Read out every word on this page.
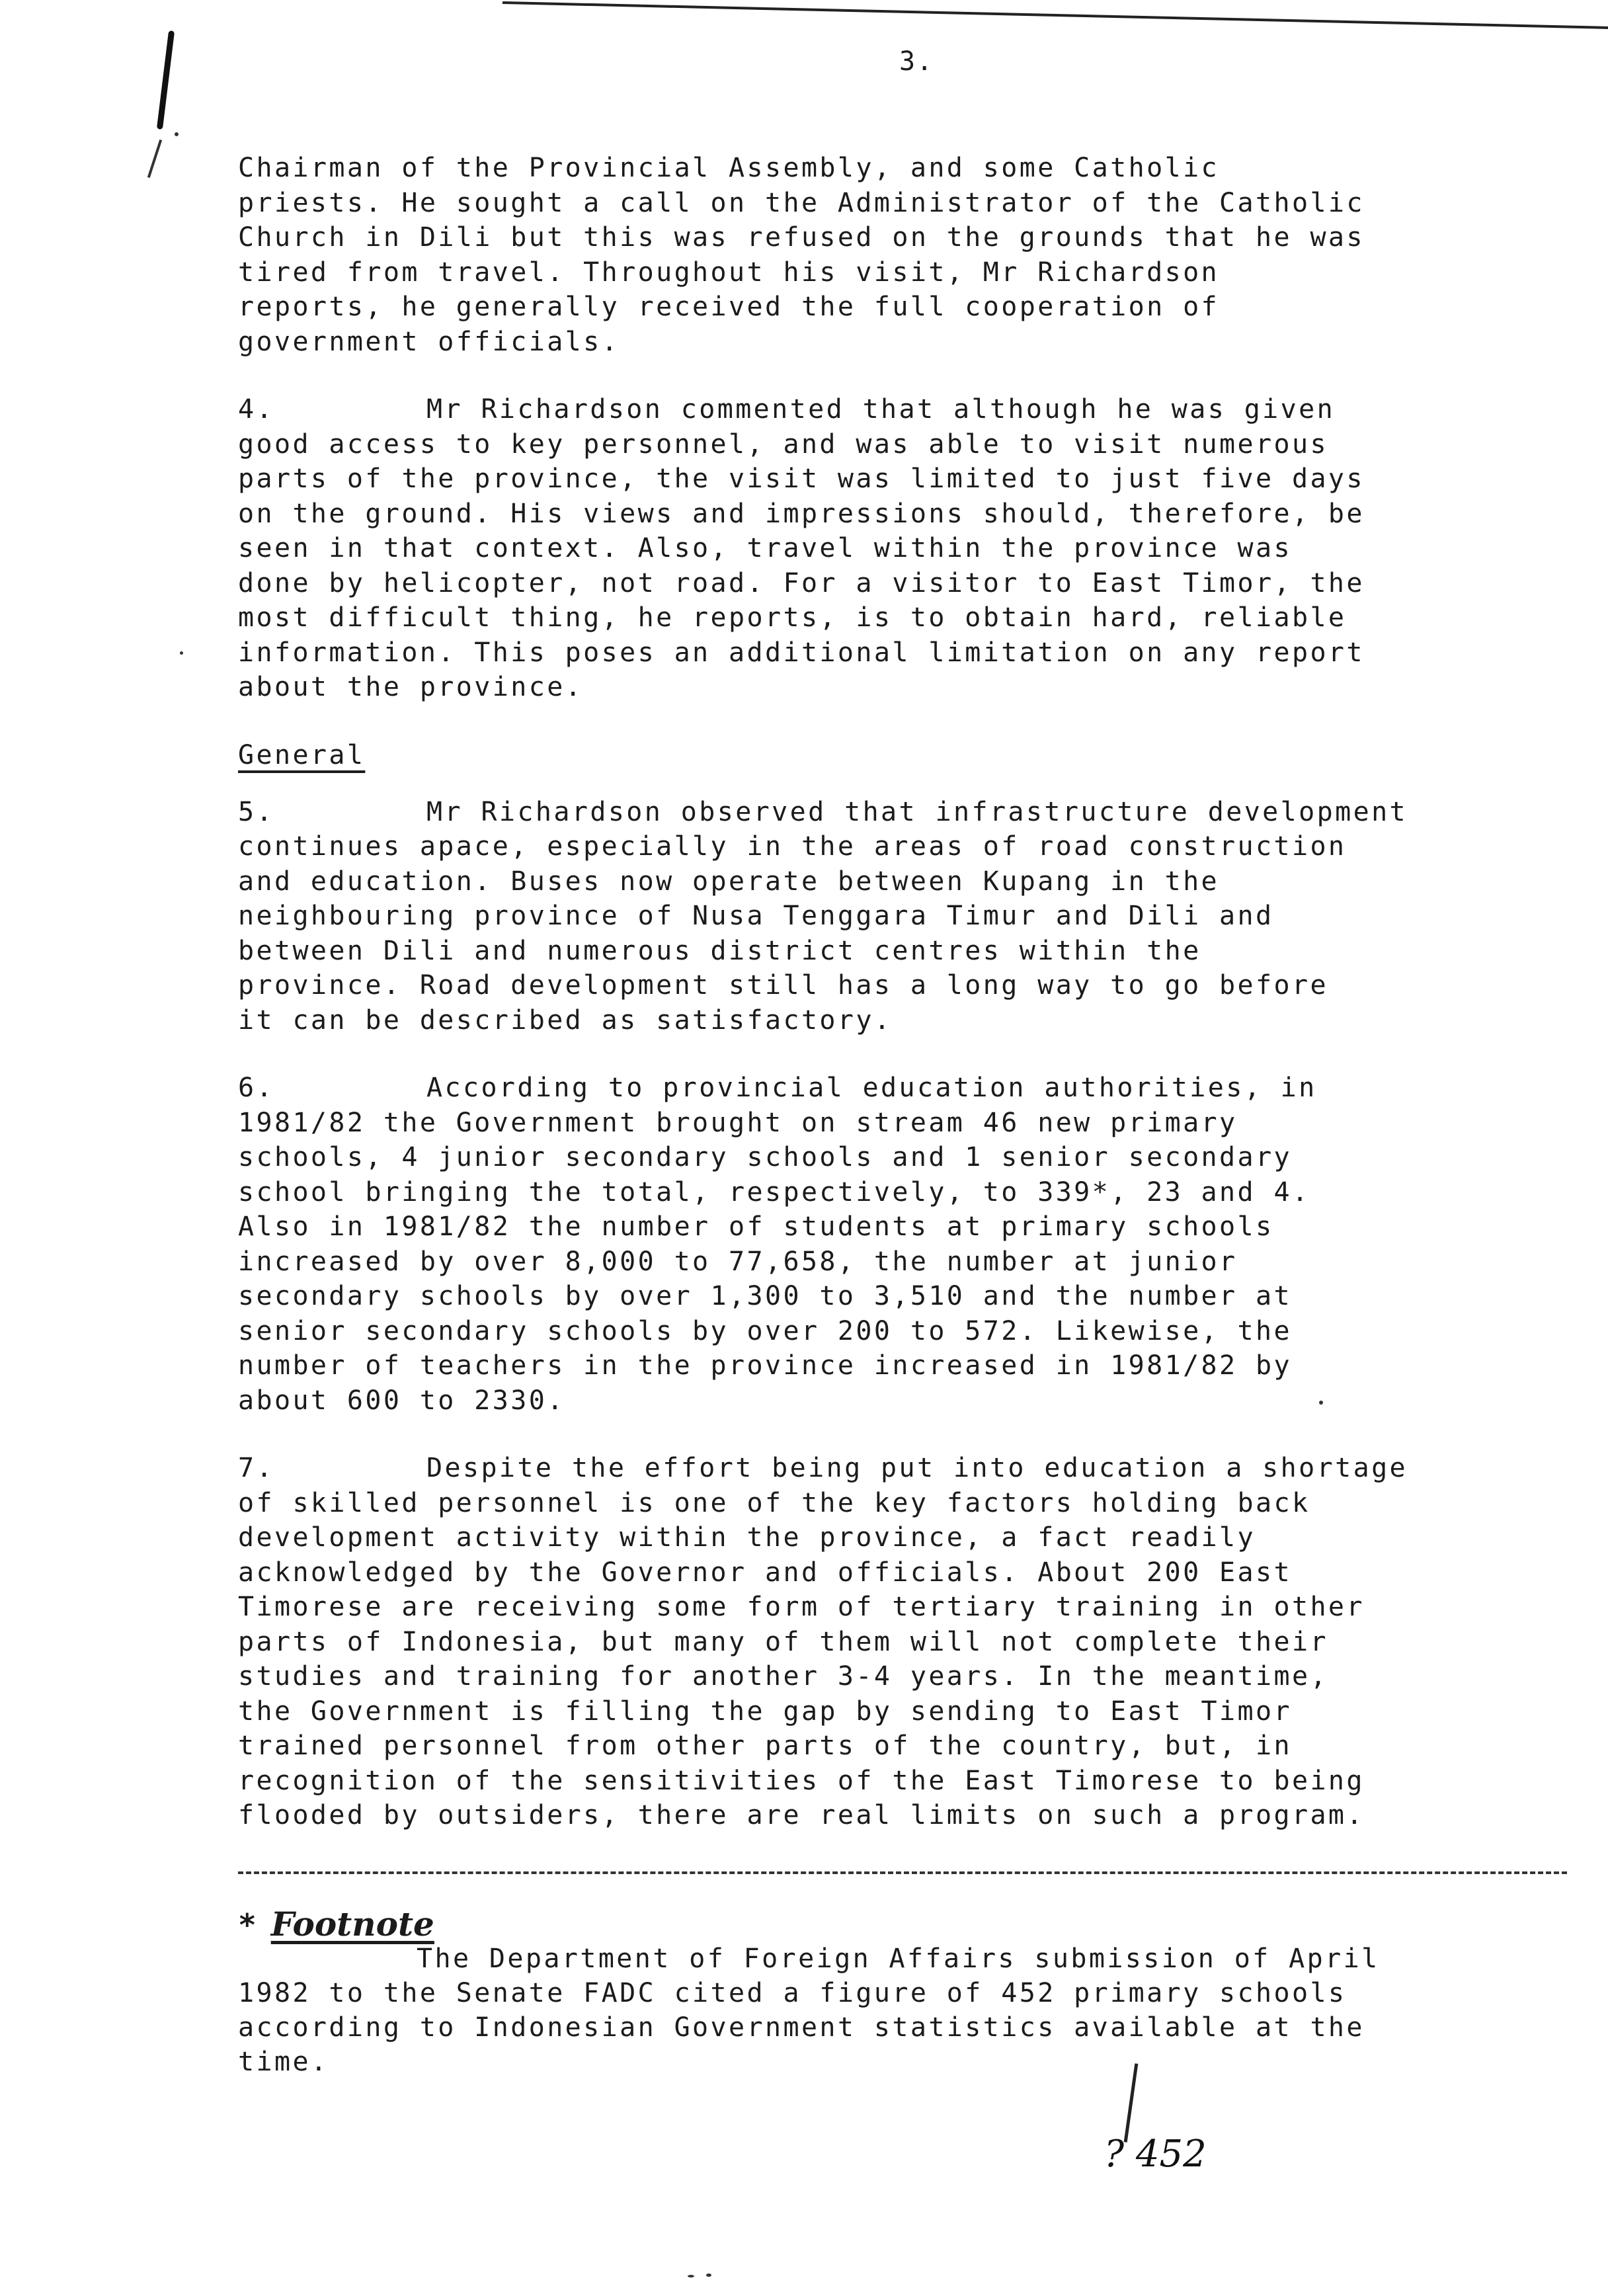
3.
Chairman of the Provincial Assembly, and some Catholic
priests. He sought a call on the Administrator of the Catholic
Church in Dili but this was refused on the grounds that he was
tired from travel. Throughout his visit, Mr Richardson
reports, he generally received the full cooperation of
government officials.
4.	Mr Richardson commented that although he was given
good access to key personnel, and was able to visit numerous
parts of the province, the visit was limited to just five days
on the ground. His views and impressions should, therefore, be
seen in that context. Also, travel within the province was
done by helicopter, not road. For a visitor to East Timor, the
most difficult thing, he reports, is to obtain hard, reliable
information. This poses an additional limitation on any report
about the province.
General
5.	Mr Richardson observed that infrastructure development
continues apace, especially in the areas of road construction
and education. Buses now operate between Kupang in the
neighbouring province of Nusa Tenggara Timur and Dili and
between Dili and numerous district centres within the
province. Road development still has a long way to go before
it can be described as satisfactory.
6.	According to provincial education authorities, in
1981/82 the Government brought on stream 46 new primary
schools, 4 junior secondary schools and 1 senior secondary
school bringing the total, respectively, to 339*, 23 and 4.
Also in 1981/82 the number of students at primary schools
increased by over 8,000 to 77,658, the number at junior
secondary schools by over 1,300 to 3,510 and the number at
senior secondary schools by over 200 to 572. Likewise, the
number of teachers in the province increased in 1981/82 by
about 600 to 2330.
7.	Despite the effort being put into education a shortage
of skilled personnel is one of the key factors holding back
development activity within the province, a fact readily
acknowledged by the Governor and officials. About 200 East
Timorese are receiving some form of tertiary training in other
parts of Indonesia, but many of them will not complete their
studies and training for another 3-4 years. In the meantime,
the Government is filling the gap by sending to East Timor
trained personnel from other parts of the country, but, in
recognition of the sensitivities of the East Timorese to being
flooded by outsiders, there are real limits on such a program.
* Footnote
The Department of Foreign Affairs submission of April
1982 to the Senate FADC cited a figure of 452 primary schools
according to Indonesian Government statistics available at the
time.
? 452
